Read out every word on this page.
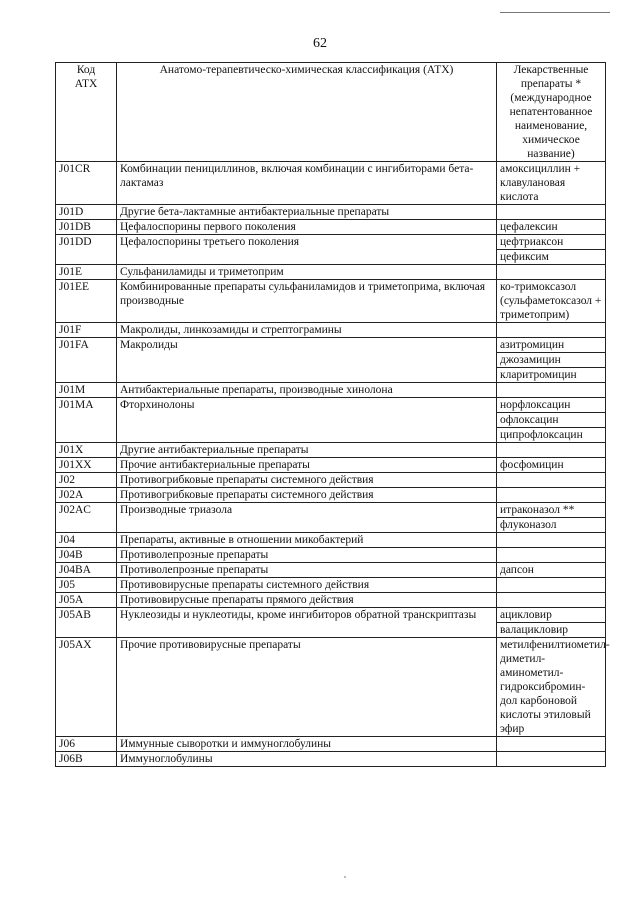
62
Код
АТХ	Анатомо-терапевтическо-химическая классификация (АТХ)	Лекарственные препараты * (международное непатентованное наименование, химическое название)
J01CR	Комбинации пенициллинов, включая комбинации с ингибиторами бета-лактамаз	амоксициллин + клавулановая кислота

J01D	Другие бета-лактамные антибактериальные препараты	
J01DB	Цефалоспорины первого поколения	цефалексин

J01DD	Цефалоспорины третьего поколения	цефтриаксон
цефиксим

J01E	Сульфаниламиды и триметоприм	
J01EE	Комбинированные препараты сульфаниламидов и триметоприма, включая производные	ко-тримоксазол (сульфаметоксазол + триметоприм)

J01F	Макролиды, линкозамиды и стрептограмины	
J01FA	Макролиды	азитромицин
джозамицин
кларитромицин

J01M	Антибактериальные препараты, производные хинолона	
J01MA	Фторхинолоны	норфлоксацин
офлоксацин
ципрофлоксацин

J01X	Другие антибактериальные препараты	
J01XX	Прочие антибактериальные препараты	фосфомицин

J02	Противогрибковые препараты системного действия	
J02A	Противогрибковые препараты системного действия	
J02AC	Производные триазола	итраконазол **
флуконазол

J04	Препараты, активные в отношении микобактерий	
J04B	Противолепрозные препараты	
J04BA	Противолепрозные препараты	дапсон

J05	Противовирусные препараты системного действия	
J05A	Противовирусные препараты прямого действия	
J05AB	Нуклеозиды и нуклеотиды, кроме ингибиторов обратной транскриптазы	ацикловир
валацикловир

J05AX	Прочие противовирусные препараты	метилфенилтиометил-диметил-аминометил-гидроксибромин-дол карбоновой кислоты этиловый эфир

J06	Иммунные сыворотки и иммуноглобулины	
J06B	Иммуноглобулины	
